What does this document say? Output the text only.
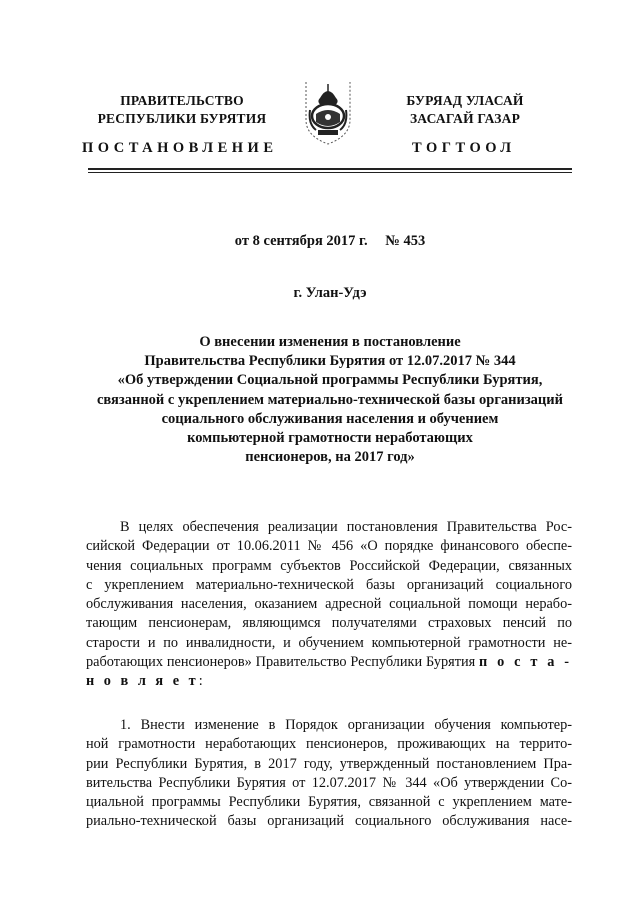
ПРАВИТЕЛЬСТВО
РЕСПУБЛИКИ БУРЯТИЯ
ПОСТАНОВЛЕНИЕ
БУРЯАД УЛАСАЙ
ЗАСАГАЙ ГАЗАР
ТОГТООЛ
от 8 сентября 2017 г. № 453
г. Улан-Удэ
О внесении изменения в постановление
Правительства Республики Бурятия от 12.07.2017 № 344
«Об утверждении Социальной программы Республики Бурятия,
связанной с укреплением материально-технической базы организаций
социального обслуживания населения и обучением
компьютерной грамотности неработающих
пенсионеров, на 2017 год»
В целях обеспечения реализации постановления Правительства Рос-
сийской Федерации от 10.06.2011 № 456 «О порядке финансового обеспе-
чения социальных программ субъектов Российской Федерации, связанных
с укреплением материально-технической базы организаций социального
обслуживания населения, оказанием адресной социальной помощи нерабо-
тающим пенсионерам, являющимся получателями страховых пенсий по
старости и по инвалидности, и обучением компьютерной грамотности не-
работающих пенсионеров» Правительство Республики Бурятия п о с т а -
н о в л я е т:
1. Внести изменение в Порядок организации обучения компьютер-
ной грамотности неработающих пенсионеров, проживающих на террито-
рии Республики Бурятия, в 2017 году, утвержденный постановлением Пра-
вительства Республики Бурятия от 12.07.2017 № 344 «Об утверждении Со-
циальной программы Республики Бурятия, связанной с укреплением мате-
риально-технической базы организаций социального обслуживания насе-
